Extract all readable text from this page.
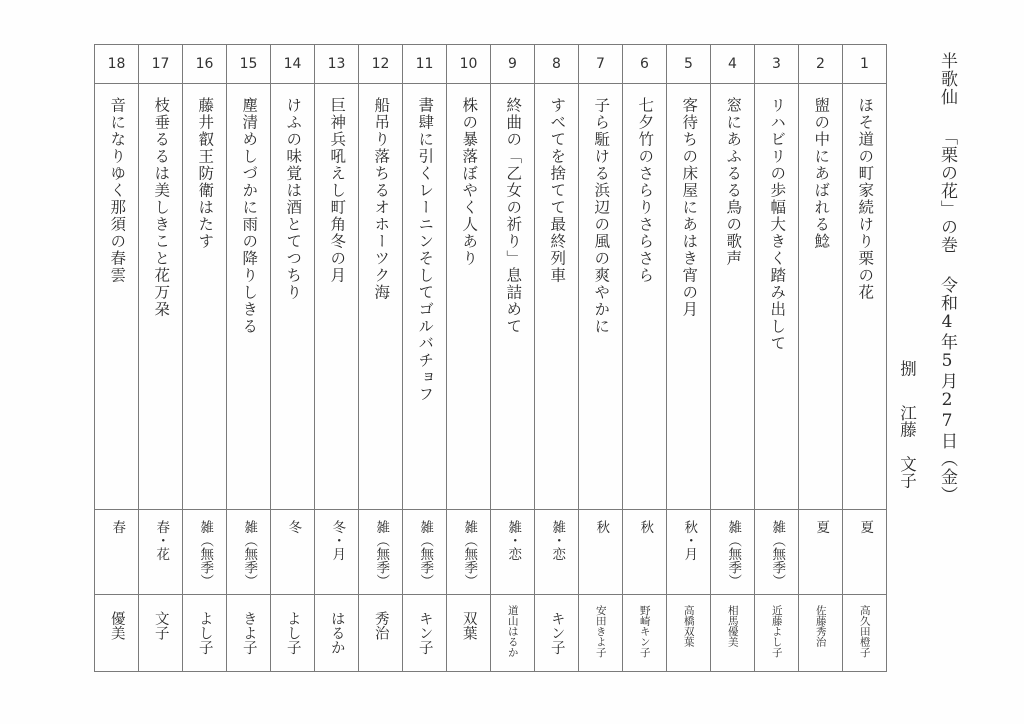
18	17	16	15	14	13	12	11	10	9	8	7	6	5	4	3	2	1

音になりゆく那須の春雲	枝垂るるは美しきこと花万朶	藤井叡王防衛はたす	塵清めしづかに雨の降りしきる	けふの味覚は酒とてつちり	巨神兵吼えし町角冬の月	船吊り落ちるオホーツク海	書肆に引くレーニンそしてゴルバチョフ	株の暴落ぼやく人あり	終曲の「乙女の祈り」息詰めて	すべてを捨てて最終列車	子ら駈ける浜辺の風の爽やかに	七夕竹のさらりさらさら	客待ちの床屋にあはき宵の月	窓にあふるる鳥の歌声	リハビリの歩幅大きく踏み出して	盥の中にあばれる鯰	ほそ道の町家続けり栗の花

春	春・花	雑（無季）	雑（無季）	冬	冬・月	雑（無季）	雑（無季）	雑（無季）	雑・恋	雑・恋	秋	秋	秋・月	雑（無季）	雑（無季）	夏	夏

優美	文子	よし子	きよ子	よし子	はるか	秀治	キン子	双葉	道山はるか	キン子	安田きよ子	野崎キン子	高橋双葉	相馬優美	近藤よし子	佐藤秀治	高久田橙子
半歌仙「栗の花」の巻令和4年5月27日（金）
捌江藤文子
